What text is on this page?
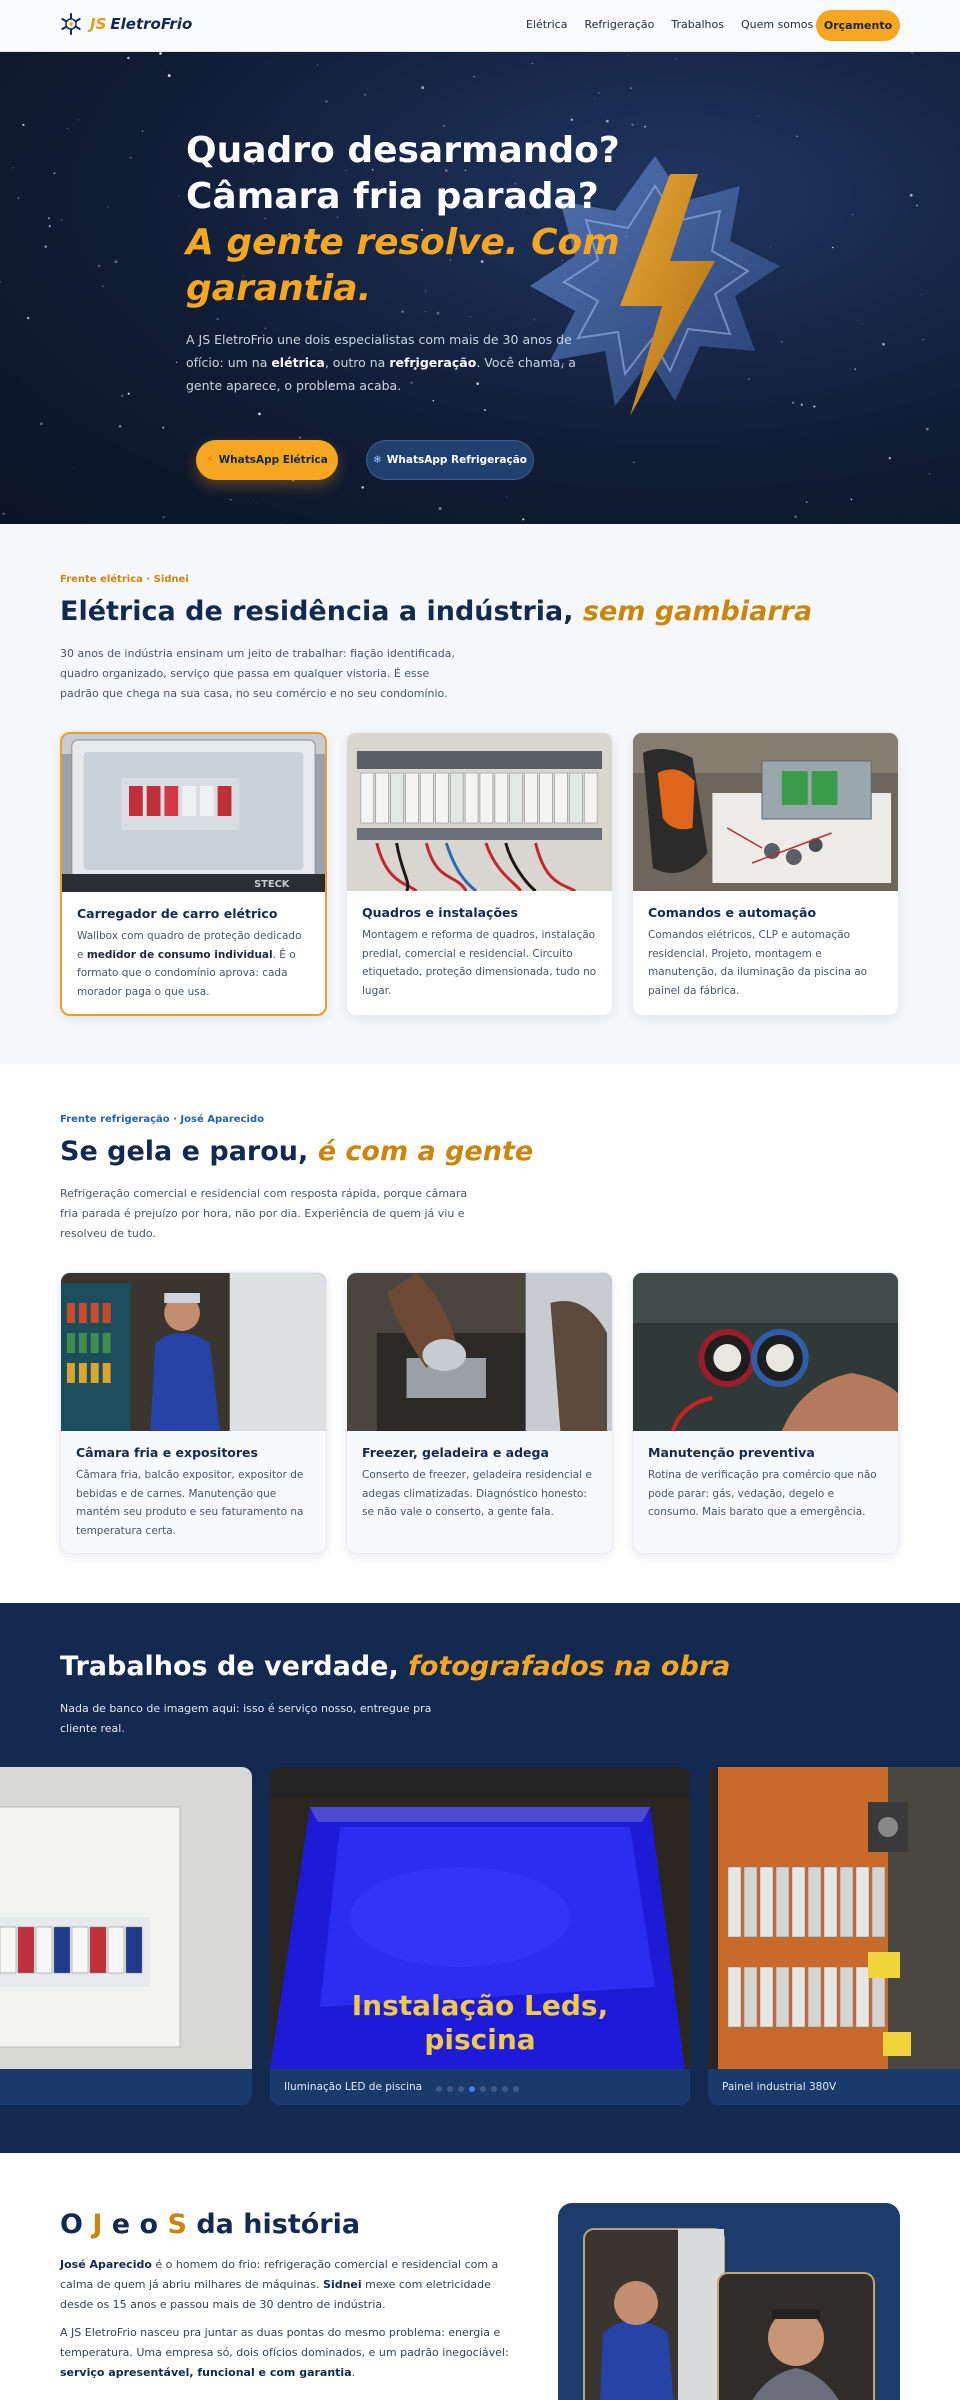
JS EletroFrio	Elétrica Refrigeração Trabalhos Quem somos Orçamento
Quadro desarmando?
Câmara fria parada?
A gente resolve. Com garantia.

A JS EletroFrio une dois especialistas com mais de 30 anos de ofício: um na elétrica, outro na refrigeração. Você chama, a gente aparece, o problema acaba.

⚡ WhatsApp Elétrica	❄ WhatsApp Refrigeração
Frente elétrica · Sidnei
Elétrica de residência a indústria, sem gambiarra

30 anos de indústria ensinam um jeito de trabalhar: fiação identificada, quadro organizado, serviço que passa em qualquer vistoria. É esse padrão que chega na sua casa, no seu comércio e no seu condomínio.

STECK
Carregador de carro elétrico

Wallbox com quadro de proteção dedicado e medidor de consumo individual. É o formato que o condomínio aprova: cada morador paga o que usa.

Quadros e instalações

Montagem e reforma de quadros, instalação predial, comercial e residencial. Circuito etiquetado, proteção dimensionada, tudo no lugar.

Comandos e automação

Comandos elétricos, CLP e automação residencial. Projeto, montagem e manutenção, da iluminação da piscina ao painel da fábrica.

Frente refrigeração · José Aparecido
Se gela e parou, é com a gente

Refrigeração comercial e residencial com resposta rápida, porque câmara fria parada é prejuízo por hora, não por dia. Experiência de quem já viu e resolveu de tudo.

Câmara fria e expositores

Câmara fria, balcão expositor, expositor de bebidas e de carnes. Manutenção que mantém seu produto e seu faturamento na temperatura certa.

Freezer, geladeira e adega

Conserto de freezer, geladeira residencial e adegas climatizadas. Diagnóstico honesto: se não vale o conserto, a gente fala.

Manutenção preventiva

Rotina de verificação pra comércio que não pode parar: gás, vedação, degelo e consumo. Mais barato que a emergência.

Trabalhos de verdade, fotografados na obra

Nada de banco de imagem aqui: isso é serviço nosso, entregue pra cliente real.

Instalação Leds,
piscina
Iluminação LED de piscina	Painel industrial 380V
O J e o S da história

José Aparecido é o homem do frio: refrigeração comercial e residencial com a calma de quem já abriu milhares de máquinas. Sidnei mexe com eletricidade desde os 15 anos e passou mais de 30 dentro de indústria.

A JS EletroFrio nasceu pra juntar as duas pontas do mesmo problema: energia e temperatura. Uma empresa só, dois ofícios dominados, e um padrão inegociável: serviço apresentável, funcional e com garantia.
